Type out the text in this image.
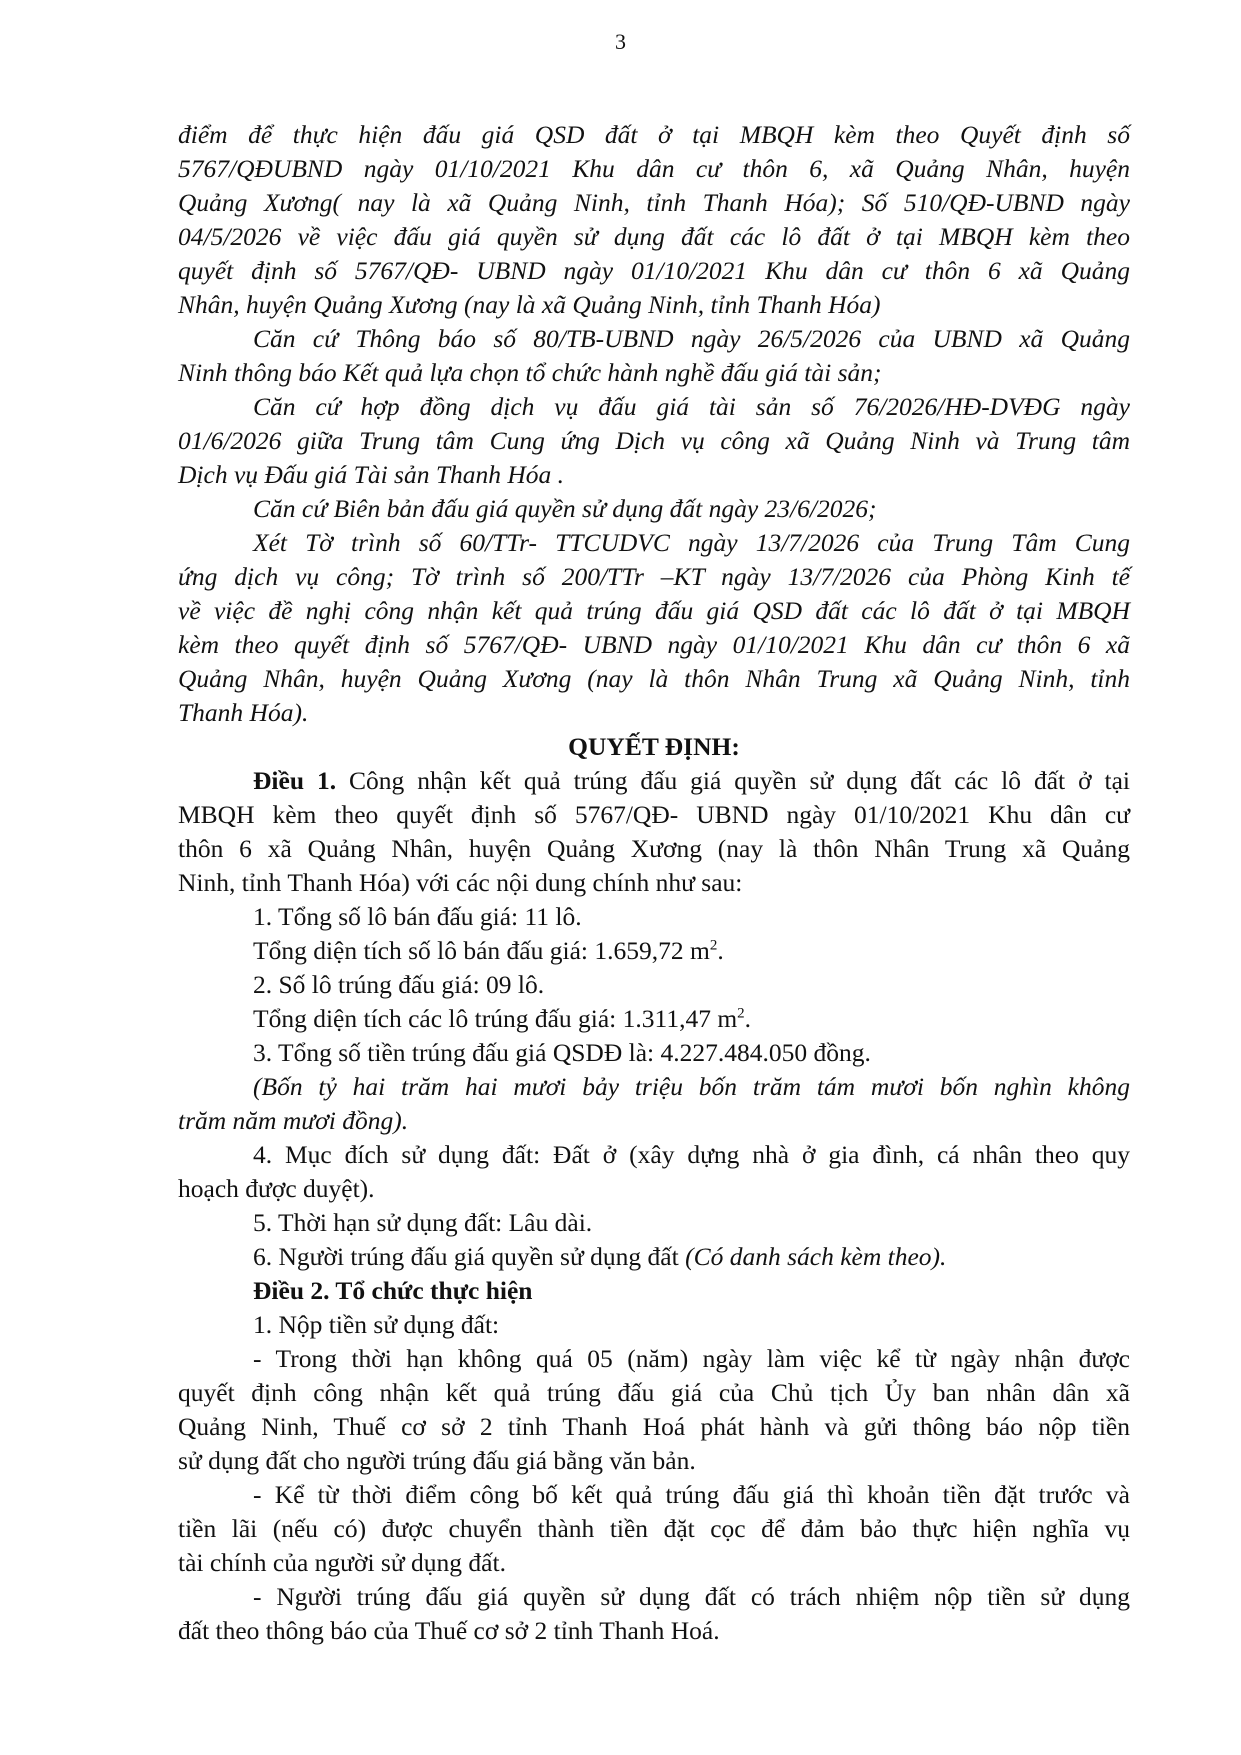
3
điểm để thực hiện đấu giá QSD đất ở tại MBQH kèm theo Quyết định số
5767/QĐUBND ngày 01/10/2021 Khu dân cư thôn 6, xã Quảng Nhân, huyện
Quảng Xương( nay là xã Quảng Ninh, tỉnh Thanh Hóa); Số 510/QĐ-UBND ngày
04/5/2026 về việc đấu giá quyền sử dụng đất các lô đất ở tại MBQH kèm theo
quyết định số 5767/QĐ- UBND ngày 01/10/2021 Khu dân cư thôn 6 xã Quảng
Nhân, huyện Quảng Xương (nay là xã Quảng Ninh, tỉnh Thanh Hóa)
Căn cứ Thông báo số 80/TB-UBND ngày 26/5/2026 của UBND xã Quảng
Ninh thông báo Kết quả lựa chọn tổ chức hành nghề đấu giá tài sản;
Căn cứ hợp đồng dịch vụ đấu giá tài sản số 76/2026/HĐ-DVĐG ngày
01/6/2026 giữa Trung tâm Cung ứng Dịch vụ công xã Quảng Ninh và Trung tâm
Dịch vụ Đấu giá Tài sản Thanh Hóa .
Căn cứ Biên bản đấu giá quyền sử dụng đất ngày 23/6/2026;
Xét Tờ trình số 60/TTr- TTCUDVC ngày 13/7/2026 của Trung Tâm Cung
ứng dịch vụ công; Tờ trình số 200/TTr –KT ngày 13/7/2026 của Phòng Kinh tế
về việc đề nghị công nhận kết quả trúng đấu giá QSD đất các lô đất ở tại MBQH
kèm theo quyết định số 5767/QĐ- UBND ngày 01/10/2021 Khu dân cư thôn 6 xã
Quảng Nhân, huyện Quảng Xương (nay là thôn Nhân Trung xã Quảng Ninh, tỉnh
Thanh Hóa).
QUYẾT ĐỊNH:
Điều 1. Công nhận kết quả trúng đấu giá quyền sử dụng đất các lô đất ở tại
MBQH kèm theo quyết định số 5767/QĐ- UBND ngày 01/10/2021 Khu dân cư
thôn 6 xã Quảng Nhân, huyện Quảng Xương (nay là thôn Nhân Trung xã Quảng
Ninh, tỉnh Thanh Hóa) với các nội dung chính như sau:
1. Tổng số lô bán đấu giá: 11 lô.
Tổng diện tích số lô bán đấu giá: 1.659,72 $m^2$.
2. Số lô trúng đấu giá: 09 lô.
Tổng diện tích các lô trúng đấu giá: 1.311,47 $m^2$.
3. Tổng số tiền trúng đấu giá QSDĐ là: 4.227.484.050 đồng.
(Bốn tỷ hai trăm hai mươi bảy triệu bốn trăm tám mươi bốn nghìn không
trăm năm mươi đồng).
4. Mục đích sử dụng đất: Đất ở (xây dựng nhà ở gia đình, cá nhân theo quy
hoạch được duyệt).
5. Thời hạn sử dụng đất: Lâu dài.
6. Người trúng đấu giá quyền sử dụng đất (Có danh sách kèm theo).
Điều 2. Tổ chức thực hiện
1. Nộp tiền sử dụng đất:
- Trong thời hạn không quá 05 (năm) ngày làm việc kể từ ngày nhận được
quyết định công nhận kết quả trúng đấu giá của Chủ tịch Ủy ban nhân dân xã
Quảng Ninh, Thuế cơ sở 2 tỉnh Thanh Hoá phát hành và gửi thông báo nộp tiền
sử dụng đất cho người trúng đấu giá bằng văn bản.
- Kể từ thời điểm công bố kết quả trúng đấu giá thì khoản tiền đặt trước và
tiền lãi (nếu có) được chuyển thành tiền đặt cọc để đảm bảo thực hiện nghĩa vụ
tài chính của người sử dụng đất.
- Người trúng đấu giá quyền sử dụng đất có trách nhiệm nộp tiền sử dụng
đất theo thông báo của Thuế cơ sở 2 tỉnh Thanh Hoá.
